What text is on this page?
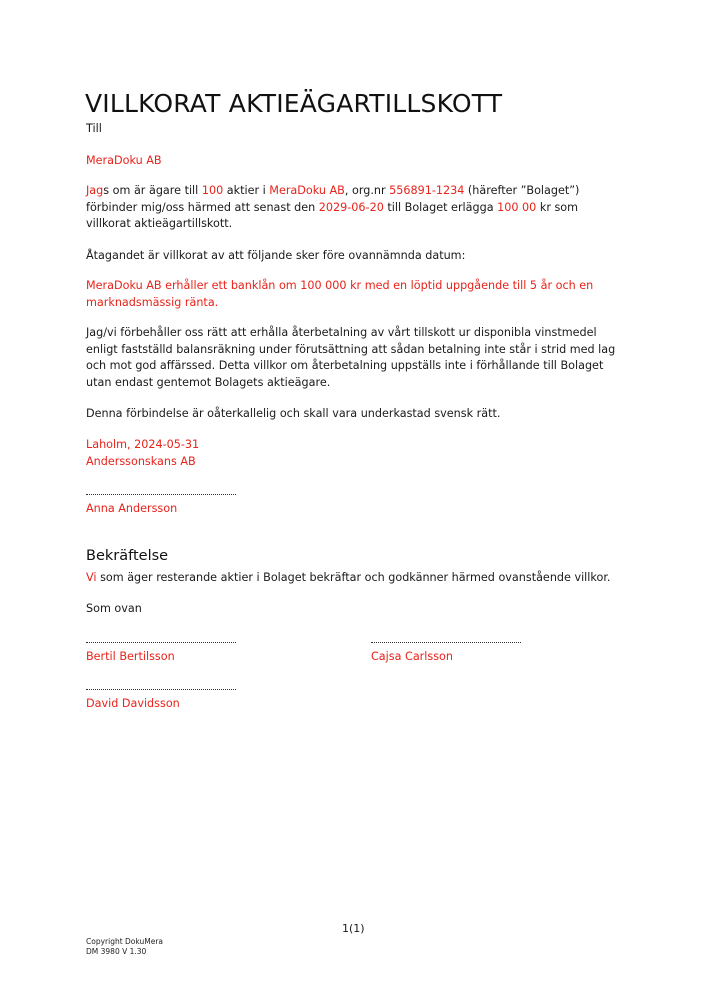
VILLKORAT AKTIEÄGARTILLSKOTT
Till
MeraDoku AB

Jags om är ägare till 100 aktier i MeraDoku AB, org.nr 556891-1234 (härefter ”Bolaget”) förbinder mig/oss härmed att senast den 2029-06-20 till Bolaget erlägga 100 00 kr som villkorat aktieägartillskott.

Åtagandet är villkorat av att följande sker före ovannämnda datum:

MeraDoku AB erhåller ett banklån om 100 000 kr med en löptid uppgående till 5 år och en marknadsmässig ränta.

Jag/vi förbehåller oss rätt att erhålla återbetalning av vårt tillskott ur disponibla vinstmedel enligt fastställd balansräkning under förutsättning att sådan betalning inte står i strid med lag och mot god affärssed. Detta villkor om återbetalning uppställs inte i förhållande till Bolaget utan endast gentemot Bolagets aktieägare.

Denna förbindelse är oåterkallelig och skall vara underkastad svensk rätt.

Laholm, 2024-05-31
Anderssonskans AB
Anna Andersson
Bekräftelse

Vi som äger resterande aktier i Bolaget bekräftar och godkänner härmed ovanstående villkor.

Som ovan
Bertil Bertilsson	Cajsa Carlsson
David Davidsson
1(1)
Copyright DokuMera
DM 3980 V 1.30
